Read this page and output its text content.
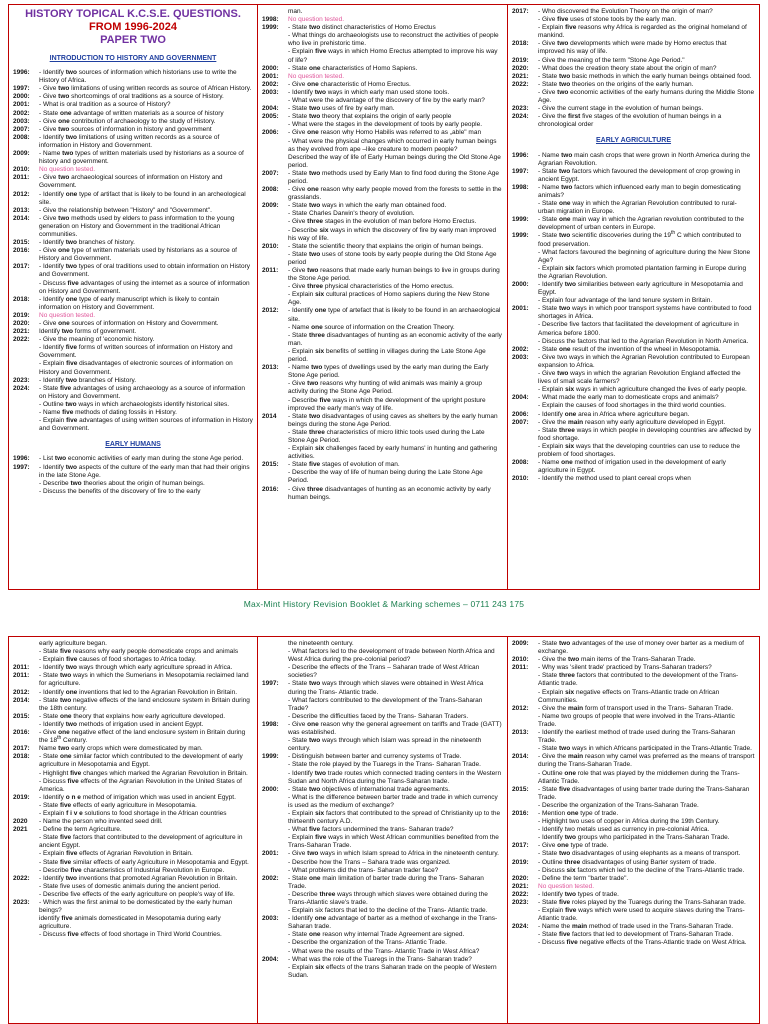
HISTORY TOPICAL K.C.S.E. QUESTIONS.
FROM 1996-2024
PAPER TWO
INTRODUCTION TO HISTORY AND GOVERNMENT
1996:	- Identify two sources of information which historians use to write the History of Africa.
1997:	- Give two limitations of using written records as source of African History.
2000:	- Give two shortcomings of oral traditions as a source of History.
2001:	- What is oral tradition as a source of History?
2002:	- State one advantage of written materials as a source of history
2003:	- Give one contribution of archaeology to the study of History.
2007:	- Give two sources of information in history and government
2008:	- Identify two limitations of using written records as a source of information in History and Government.
2009:	- Name two types of written materials used by historians as a source of history and government.
2010:	No question tested.
2011:	- Give two archaeological sources of information on History and Government.
2012:	- Identify one type of artifact that is likely to be found in an archeological site.
2013:	- Give the relationship between "History" and "Government".
2014:	- Give two methods used by elders to pass information to the young generation on History and Government in the traditional African communities.
2015:	- Identify two branches of history.
2016:	- Give one type of written materials used by historians as a source of History and Government.
2017:	- Identify two types of oral traditions used to obtain information on History and Government.
- Discuss five advantages of using the internet as a source of information on History and Government.
2018:	- Identify one type of early manuscript which is likely to contain information on History and Government.
2019:	No question tested.
2020:	- Give one sources of information on History and Government.
2021:	Identify two forms of government.
2022:	- Give the meaning of 'economic history.
- Identify five forms of written sources of information on History and Government.
- Explain five disadvantages of electronic sources of information on History and Government.
2023:	- Identify two branches of History.
2024:	- State five advantages of using archaeology as a source of information on History and Government.
- Outline two ways in which archaeologists identify historical sites.
- Name five methods of dating fossils in History.
- Explain five advantages of using written sources of information in History and Government.
EARLY HUMANS
1996:	- List two economic activities of early man during the stone Age period.
1997:	- Identify two aspects of the culture of the early man that had their origins in the late Stone Age.
- Describe two theories about the origin of human beings.
- Discuss the benefits of the discovery of fire to the early
man.
1998:	No question tested.
1999:	- State two distinct characteristics of Homo Erectus
- What things do archaeologists use to reconstruct the activities of people who live in prehistoric time.
- Explain five ways in which Homo Erectus attempted to improve his way of life?
2000:	- State one characteristics of Homo Sapiens.
2001:	No question tested.
2002:	- Give one characteristic of Homo Erectus.
2003:	- Identify two ways in which early man used stone tools.
- What were the advantage of the discovery of fire by the early man?
2004:	- State two uses of fire by early man.
2005:	- State two theory that explains the origin of early people
- What were the stages in the development of tools by early people.
2006:	- Give one reason why Homo Habilis was referred to as „able" man
- What were the physical changes which occurred in early human beings as they evolved from ape –like creature to modern people?
Described the way of life of Early Human beings during the Old Stone Age period.
2007:	- State two methods used by Early Man to find food during the Stone Age period.
2008:	- Give one reason why early people moved from the forests to settle in the grasslands.
2009:	- State two ways in which the early man obtained food.
- State Charles Darwin's theory of evolution.
- Give three stages in the evolution of man before Homo Erectus.
- Describe six ways in which the discovery of fire by early man improved his way of life.
2010:	- State the scientific theory that explains the origin of human beings.
- State two uses of stone tools by early people during the Old Stone Age period
2011:	- Give two reasons that made early human beings to live in groups during the Stone Age period.
- Give three physical characteristics of the Homo erectus.
- Explain six cultural practices of Homo sapiens during the New Stone Age.
2012:	- Identify one type of artefact that is likely to be found in an archaeological site.
- Name one source of information on the Creation Theory.
- State three disadvantages of hunting as an economic activity of the early man.
- Explain six benefits of settling in villages during the Late Stone Age period.
2013:	- Name two types of dwellings used by the early man during the Early Stone Age period.
- Give two reasons why hunting of wild animals was mainly a group activity during the Stone Age Period.
- Describe five ways in which the development of the upright posture improved the early man's way of life.
2014	- State two disadvantages of using caves as shelters by the early human beings during the stone Age Period.
- State three characteristics of micro lithic tools used during the Late Stone Age Period.
- Explain six challenges faced by early humans' in hunting and gathering activities.
2015:	- State five stages of evolution of man.
- Describe the way of life of human being during the Late Stone Age Period.
2016:	- Give three disadvantages of hunting as an economic activity by early human beings.
2017:	- Who discovered the Evolution Theory on the origin of man?
- Give five uses of stone tools by the early man.
- Explain five reasons why Africa is regarded as the original homeland of mankind.
2018:	- Give two developments which were made by Homo erectus that improved his way of life.
2019:	- Give the meaning of the term "Stone Age Period."
2020:	- What does the creation theory state about the origin of man?
2021:	- State two basic methods in which the early human beings obtained food.
2022:	- State two theories on the origins of the early human.
- Give two economic activities of the early humans during the Middle Stone Age.
2023:	- Give the current stage in the evolution of human beings.
2024:	- Give the first five stages of the evolution of human beings in a chronological order
EARLY AGRICULTURE
1996:	- Name two main cash crops that were grown in North America during the Agrarian Revolution.
1997:	- State two factors which favoured the development of crop growing in ancient Egypt.
1998:	- Name two factors which influenced early man to begin domesticating animals?
- State one way in which the Agrarian Revolution contributed to rural- urban migration in Europe.
1999:	- State one main way in which the Agrarian revolution contributed to the development of urban centers in Europe.
1999:	- State two scientific discoveries during the 19th C which contributed to food preservation.
- What factors favoured the beginning of agriculture during the New Stone Age?
- Explain six factors which promoted plantation farming in Europe during the Agrarian Revolution.
2000:	- Identify two similarities between early agriculture in Mesopotamia and Egypt.
- Explain four advantage of the land tenure system in Britain.
2001:	- State two ways in which poor transport systems have contributed to food shortages in Africa.
- Describe five factors that facilitated the development of agriculture in America before 1800.
- Discuss the factors that led to the Agrarian Revolution in North America.
2002:	- State one result of the invention of the wheel in Mesopotamia.
2003:	- Give two ways in which the Agrarian Revolution contributed to European expansion to Africa.
- Give two ways in which the agrarian Revolution England affected the lives of small scale farmers?
- Explain six ways in which agriculture changed the lives of early people.
2004:	- What made the early man to domesticate crops and animals?
- Explain the causes of food shortages in the third world counties.
2006:	- Identify one area in Africa where agriculture began.
2007:	- Give the main reason why early agriculture developed in Egypt.
- State three ways in which people in developing countries are affected by food shortage.
- Explain six ways that the developing countries can use to reduce the problem of food shortages.
2008:	- Name one method of irrigation used in the development of early agriculture in Egypt.
2010:	- Identify the method used to plant cereal crops when
Max-Mint History Revision Booklet & Marking schemes – 0711 243 175
early agriculture began.
- State five reasons why early people domesticate crops and animals
- Explain five causes of food shortages to Africa today.
2011:	- Identify two ways through which early agriculture spread in Africa.
2011:	- State two ways in which the Sumerians in Mesopotamia reclaimed land for agriculture.
2012:	- Identify one inventions that led to the Agrarian Revolution in Britain.
2014:	- State two negative effects of the land enclosure system in Britain during the 18th century.
2015:	- State one theory that explains how early agriculture developed.
- Identify two methods of irrigation used in ancient Egypt.
2016:	- Give one negative effect of the land enclosure system in Britain during the 18th Century.
2017:	Name two early crops which were domesticated by man.
2018:	- State one similar factor which contributed to the development of early agriculture in Mesopotamia and Egypt.
- Highlight five changes which marked the Agrarian Revolution in Britain.
- Discuss five effects of the Agrarian Revolution in the United States of America.
2019:	- Identify o n e method of irrigation which was used in ancient Egypt.
- State five effects of early agriculture in Mesopotamia.
- Explain f i v e solutions to food shortage in the African countries
2020	- Name the person who invented seed drill.
2021	- Define the term Agriculture.
- State five factors that contributed to the development of agriculture in ancient Egypt.
- Explain five effects of Agrarian Revolution in Britain.
- State five similar effects of early Agriculture in Mesopotamia and Egypt.
- Describe five characteristics of Industrial Revolution in Europe.
2022:	- Identify two inventions that promoted Agrarian Revolution in Britain.
- State five uses of domestic animals during the ancient period.
- Describe five effects of the early agriculture on people's way of life.
2023:	- Which was the first animal to be domesticated by the early human beings?
identify five animals domesticated in Mesopotamia during early agriculture.
- Discuss five effects of food shortage in Third World Countries.
the nineteenth century.
- What factors led to the development of trade between North Africa and West Africa during the pre-colonial period?
- Describe the effects of the Trans – Saharan trade of West African societies?
1997:	- State two ways through which slaves were obtained in West Africa during the Trans- Atlantic trade.
- What factors contributed to the development of the Trans-Saharan Trade?
- Describe the difficulties faced by the Trans- Saharan Traders.
1998:	- Give one reason why the general agreement on tariffs and Trade (GATT) was established.
- State two ways through which Islam was spread in the nineteenth century.
1999:	- Distinguish between barter and currency systems of Trade.
- State the role played by the Tuaregs in the Trans- Saharan Trade.
- Identify two trade routes which connected trading centers in the Western Sudan and North Africa during the Trans-Saharan trade.
2000:	- State two objectives of international trade agreements.
- What is the difference between barter trade and trade in which currency is used as the medium of exchange?
- Explain six factors that contributed to the spread of Christianity up to the thirteenth century A.D.
- What five factors undermined the trans- Saharan trade?
- Explain five ways in which West African communities benefited from the Trans-Saharan Trade.
2001:	- Give two ways in which Islam spread to Africa in the nineteenth century.
- Describe how the Trans – Sahara trade was organized.
- What problems did the trans- Saharan trader face?
2002:	- State one main limitation of barter trade during the Trans- Saharan Trade.
- Describe three ways through which slaves were obtained during the Trans-Atlantic slave's trade.
- Explain six factors that led to the decline of the Trans- Atlantic trade.
2003:	- Identify one advantage of barter as a method of exchange in the Trans- Saharan trade.
- State one reason why internal Trade Agreement are signed.
- Describe the organization of the Trans- Atlantic Trade.
- What were the results of the Trans- Atlantic Trade in West Africa?
2004:	- What was the role of the Tuaregs in the Trans- Saharan trade?
- Explain six effects of the trans Saharan trade on the people of Western Sudan.
2009:	- State two advantages of the use of money over barter as a medium of exchange.
2010:	- Give the two main items of the Trans-Saharan Trade.
2011:	- Why was 'silent trade' practiced by Trans-Saharan traders?
- State three factors that contributed to the development of the Trans-Atlantic trade.
- Explain six negative effects on Trans-Atlantic trade on African Communities.
2012:	- Give the main form of transport used in the Trans- Saharan Trade.
- Name two groups of people that were involved in the Trans-Atlantic Trade.
2013:	- Identify the earliest method of trade used during the Trans-Saharan Trade.
- State two ways in which Africans participated in the Trans-Atlantic Trade.
2014:	- Give the main reason why camel was preferred as the means of transport during the Trans-Saharan Trade.
- Outline one role that was played by the middlemen during the Trans-Atlantic Trade.
2015:	- State five disadvantages of using barter trade during the Trans-Saharan Trade.
- Describe the organization of the Trans-Saharan Trade.
2016:	- Mention one type of trade.
- Highlight two uses of copper in Africa during the 19th Century.
- Identify two metals used as currency in pre-colonial Africa.
- Identify two groups who participated in the Trans-Saharan Trade.
2017:	- Give one type of trade.
- State two disadvantages of using elephants as a means of transport.
2019:	- Outline three disadvantages of using Barter system of trade.
- Discuss six factors which led to the decline of the Trans-Atlantic trade.
2020:	- Define the term "barter trade".
2021:	No question tested.
2022:	- Identify two types of trade.
2023:	- State five roles played by the Tuaregs during the Trans-Saharan trade.
- Explain five ways which were used to acquire slaves during the Trans-Atlantic trade.
2024:	- Name the main method of trade used in the Trans-Saharan Trade.
- State five factors that led to development of Trans-Saharan Trade.
- Discuss five negative effects of the Trans-Atlantic trade on West Africa.
